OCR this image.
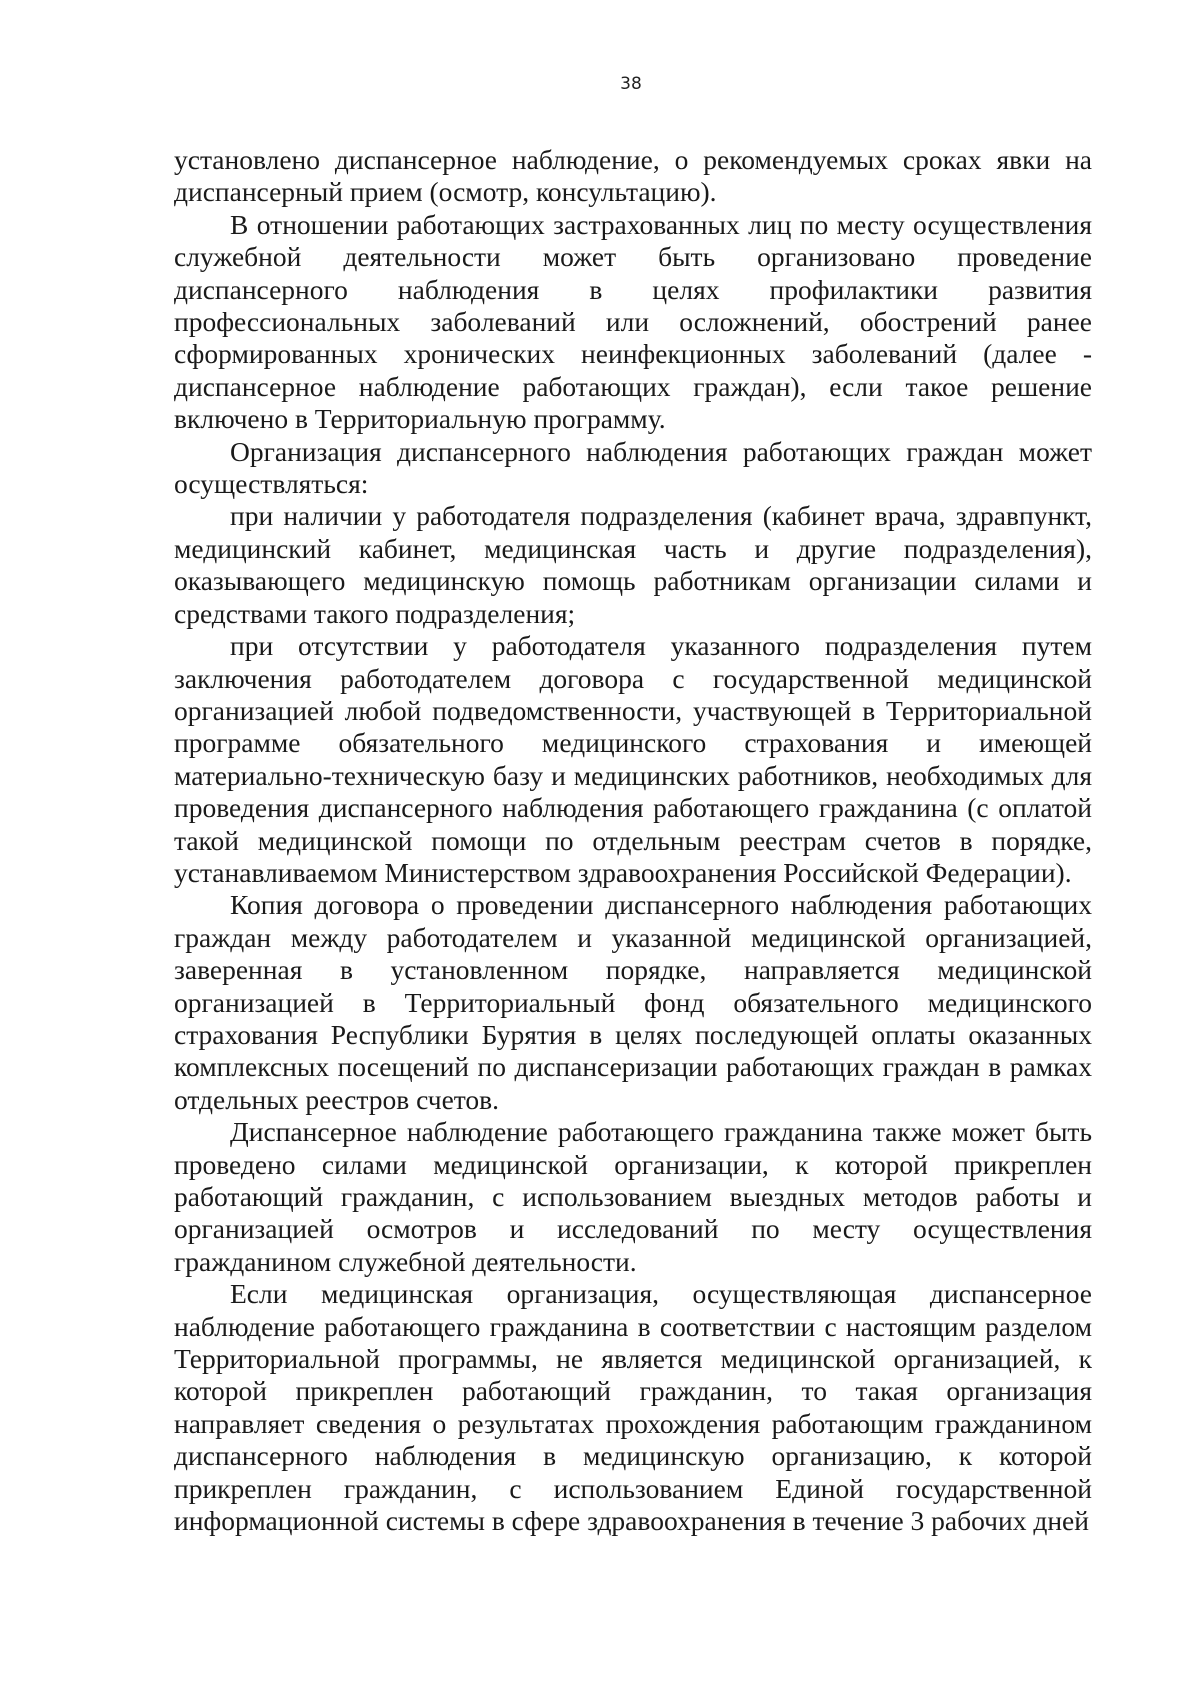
38

установлено диспансерное наблюдение, о рекомендуемых сроках явки на диспансерный прием (осмотр, консультацию).

В отношении работающих застрахованных лиц по месту осуществления служебной деятельности может быть организовано проведение диспансерного наблюдения в целях профилактики развития профессиональных заболеваний или осложнений, обострений ранее сформированных хронических неинфекционных заболеваний (далее - диспансерное наблюдение работающих граждан), если такое решение включено в Территориальную программу.

Организация диспансерного наблюдения работающих граждан может осуществляться:

при наличии у работодателя подразделения (кабинет врача, здравпункт, медицинский кабинет, медицинская часть и другие подразделения), оказывающего медицинскую помощь работникам организации силами и средствами такого подразделения;

при отсутствии у работодателя указанного подразделения путем заключения работодателем договора с государственной медицинской организацией любой подведомственности, участвующей в Территориальной программе обязательного медицинского страхования и имеющей материально-техническую базу и медицинских работников, необходимых для проведения диспансерного наблюдения работающего гражданина (с оплатой такой медицинской помощи по отдельным реестрам счетов в порядке, устанавливаемом Министерством здравоохранения Российской Федерации).

Копия договора о проведении диспансерного наблюдения работающих граждан между работодателем и указанной медицинской организацией, заверенная в установленном порядке, направляется медицинской организацией в Территориальный фонд обязательного медицинского страхования Республики Бурятия в целях последующей оплаты оказанных комплексных посещений по диспансеризации работающих граждан в рамках отдельных реестров счетов.

Диспансерное наблюдение работающего гражданина также может быть проведено силами медицинской организации, к которой прикреплен работающий гражданин, с использованием выездных методов работы и организацией осмотров и исследований по месту осуществления гражданином служебной деятельности.

Если медицинская организация, осуществляющая диспансерное наблюдение работающего гражданина в соответствии с настоящим разделом Территориальной программы, не является медицинской организацией, к которой прикреплен работающий гражданин, то такая организация направляет сведения о результатах прохождения работающим гражданином диспансерного наблюдения в медицинскую организацию, к которой прикреплен гражданин, с использованием Единой государственной информационной системы в сфере здравоохранения в течение 3 рабочих дней
